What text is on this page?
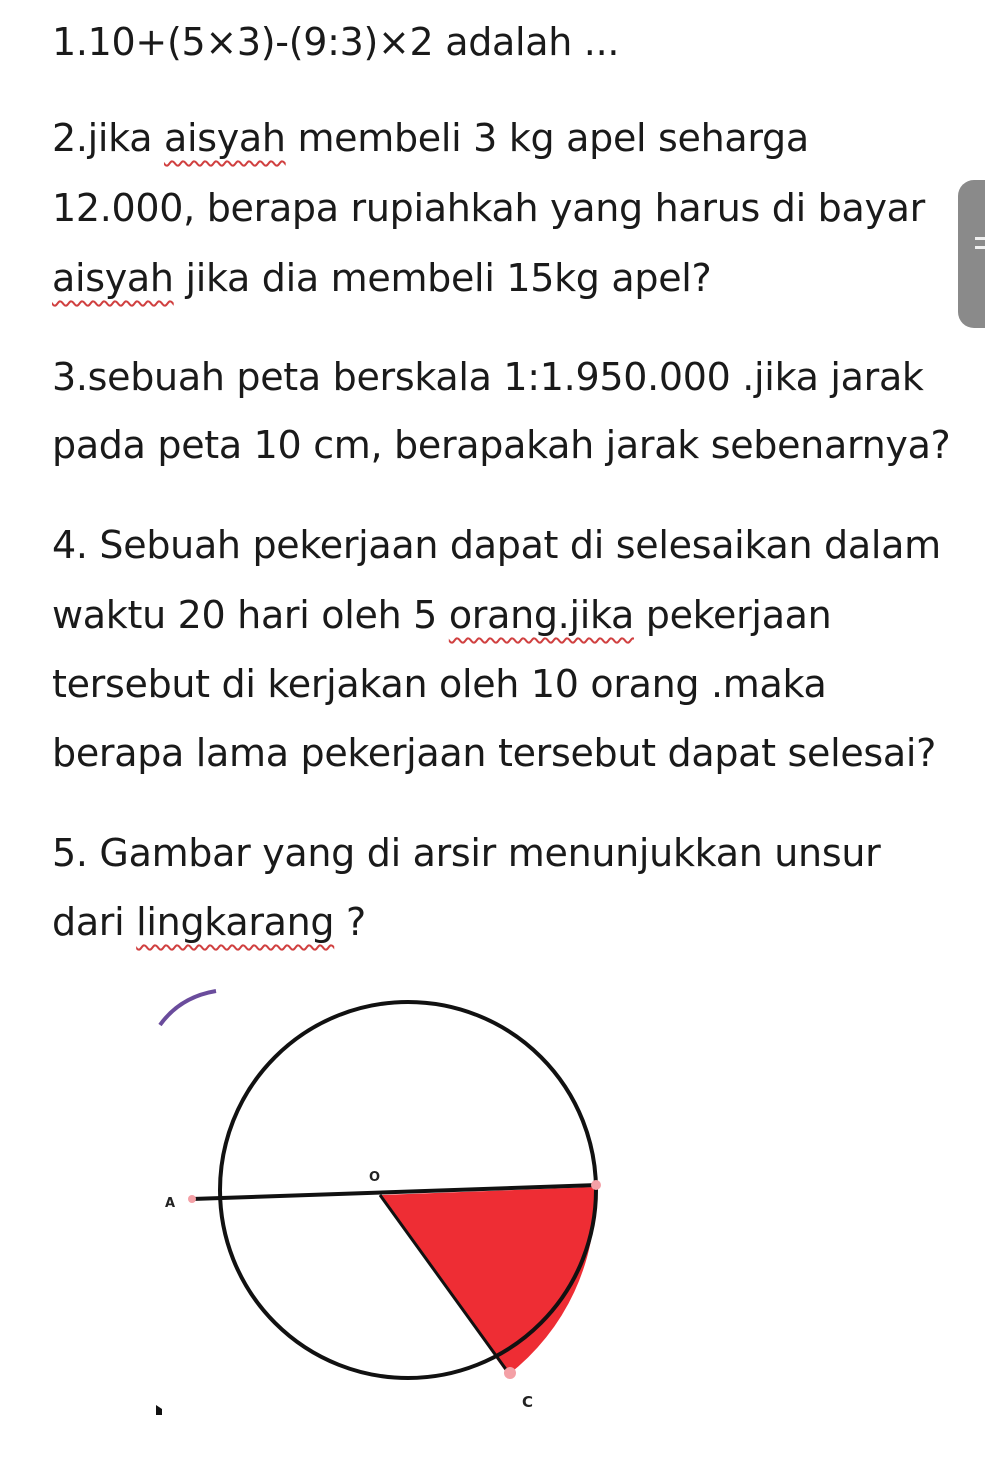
1.10+(5×3)-(9:3)×2 adalah ...
2.jika aisyah membeli 3 kg apel seharga
12.000, berapa rupiahkah yang harus di bayar
aisyah jika dia membeli 15kg apel?
3.sebuah peta berskala 1:1.950.000 .jika jarak
pada peta 10 cm, berapakah jarak sebenarnya?
4. Sebuah pekerjaan dapat di selesaikan dalam
waktu 20 hari oleh 5 orang.jika pekerjaan
tersebut di kerjakan oleh 10 orang .maka
berapa lama pekerjaan tersebut dapat selesai?
5. Gambar yang di arsir menunjukkan unsur
dari lingkarang ?
A
O
C
